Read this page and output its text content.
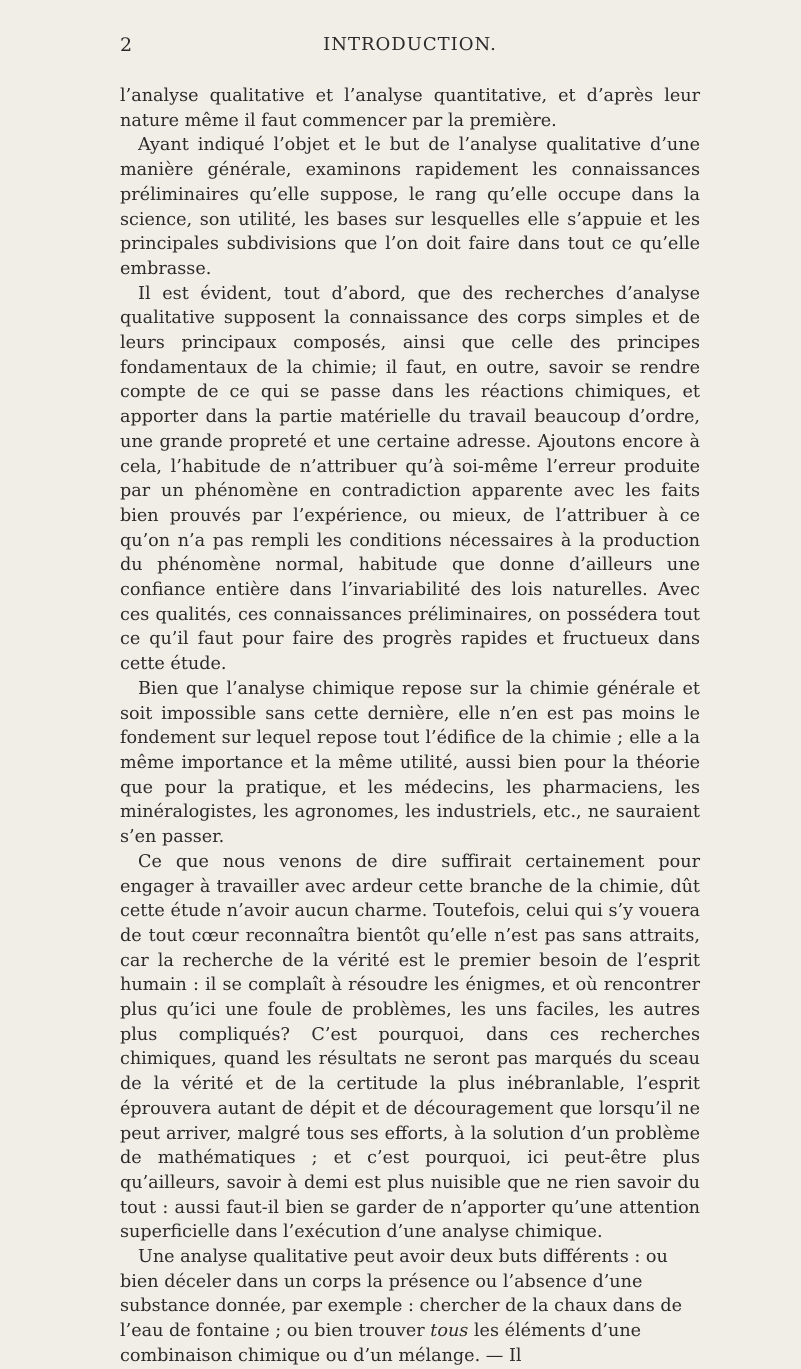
2	INTRODUCTION.

l’analyse qualitative et l’analyse quantitative, et d’après leur nature même il faut commencer par la première.

Ayant indiqué l’objet et le but de l’analyse qualitative d’une manière générale, examinons rapidement les connaissances préliminaires qu’elle suppose, le rang qu’elle occupe dans la science, son utilité, les bases sur lesquelles elle s’appuie et les principales subdivisions que l’on doit faire dans tout ce qu’elle embrasse.

Il est évident, tout d’abord, que des recherches d’analyse qualitative supposent la connaissance des corps simples et de leurs principaux composés, ainsi que celle des principes fondamentaux de la chimie; il faut, en outre, savoir se rendre compte de ce qui se passe dans les réactions chimiques, et apporter dans la partie matérielle du travail beaucoup d’ordre, une grande propreté et une certaine adresse. Ajoutons encore à cela, l’habitude de n’attribuer qu’à soi-même l’erreur produite par un phénomène en contradiction apparente avec les faits bien prouvés par l’expérience, ou mieux, de l’attribuer à ce qu’on n’a pas rempli les conditions nécessaires à la production du phénomène normal, habitude que donne d’ailleurs une confiance entière dans l’invariabilité des lois naturelles. Avec ces qualités, ces connaissances préliminaires, on possédera tout ce qu’il faut pour faire des progrès rapides et fructueux dans cette étude.

Bien que l’analyse chimique repose sur la chimie générale et soit impossible sans cette dernière, elle n’en est pas moins le fondement sur lequel repose tout l’édifice de la chimie ; elle a la même importance et la même utilité, aussi bien pour la théorie que pour la pratique, et les médecins, les pharmaciens, les minéralogistes, les agronomes, les industriels, etc., ne sauraient s’en passer.

Ce que nous venons de dire suffirait certainement pour engager à travailler avec ardeur cette branche de la chimie, dût cette étude n’avoir aucun charme. Toutefois, celui qui s’y vouera de tout cœur reconnaîtra bientôt qu’elle n’est pas sans attraits, car la recherche de la vérité est le premier besoin de l’esprit humain : il se complaît à résoudre les énigmes, et où rencontrer plus qu’ici une foule de problèmes, les uns faciles, les autres plus compliqués? C’est pourquoi, dans ces recherches chimiques, quand les résultats ne seront pas marqués du sceau de la vérité et de la certitude la plus inébranlable, l’esprit éprouvera autant de dépit et de découragement que lorsqu’il ne peut arriver, malgré tous ses efforts, à la solution d’un problème de mathématiques ; et c’est pourquoi, ici peut-être plus qu’ailleurs, savoir à demi est plus nuisible que ne rien savoir du tout : aussi faut-il bien se garder de n’apporter qu’une attention superficielle dans l’exécution d’une analyse chimique.

Une analyse qualitative peut avoir deux buts différents : ou bien déceler dans un corps la présence ou l’absence d’une substance donnée, par exemple : chercher de la chaux dans de l’eau de fontaine ; ou bien trouver tous les éléments d’une combinaison chimique ou d’un mélange. — Il
